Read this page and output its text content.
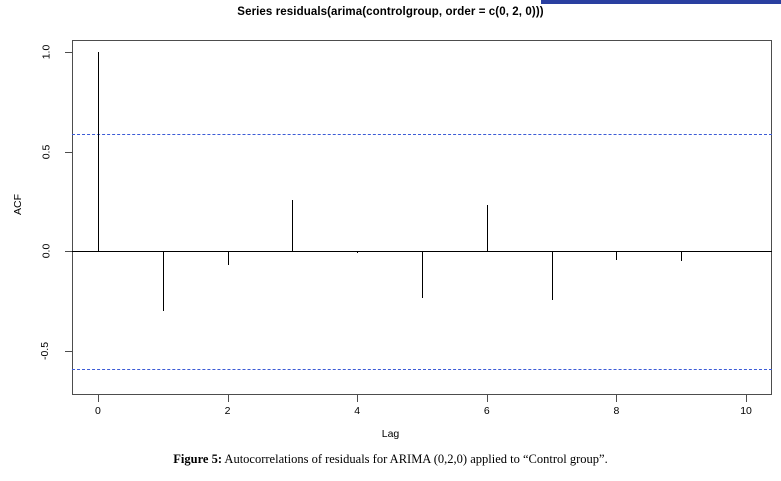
Series residuals(arima(controlgroup, order = c(0, 2, 0)))
ACF
-0.5
0.0
0.5
1.0
0	2	4	6	8	10
Lag
Figure 5: Autocorrelations of residuals for ARIMA (0,2,0) applied to “Control group”.
